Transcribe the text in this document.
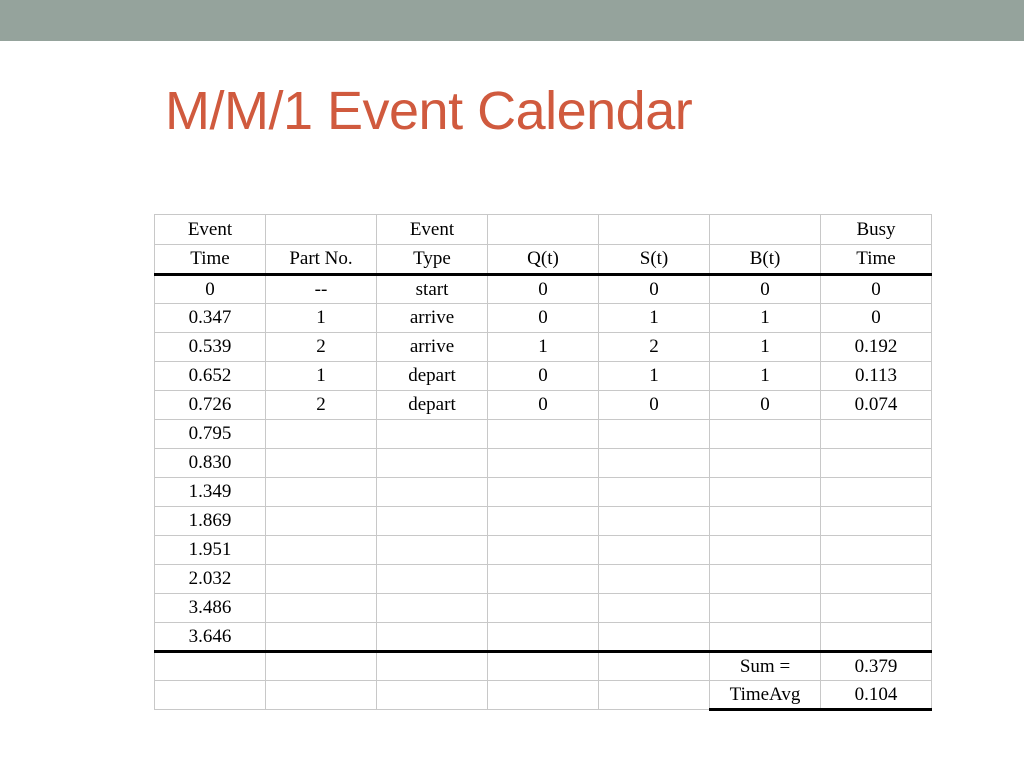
M/M/1 Event Calendar
Event		Event				Busy
Time	Part No.	Type	Q(t)	S(t)	B(t)	Time
0	--	start	0	0	0	0
0.347	1	arrive	0	1	1	0
0.539	2	arrive	1	2	1	0.192
0.652	1	depart	0	1	1	0.113
0.726	2	depart	0	0	0	0.074
0.795						
0.830						
1.349						
1.869						
1.951						
2.032						
3.486						
3.646						
					Sum =	0.379
					TimeAvg	0.104
